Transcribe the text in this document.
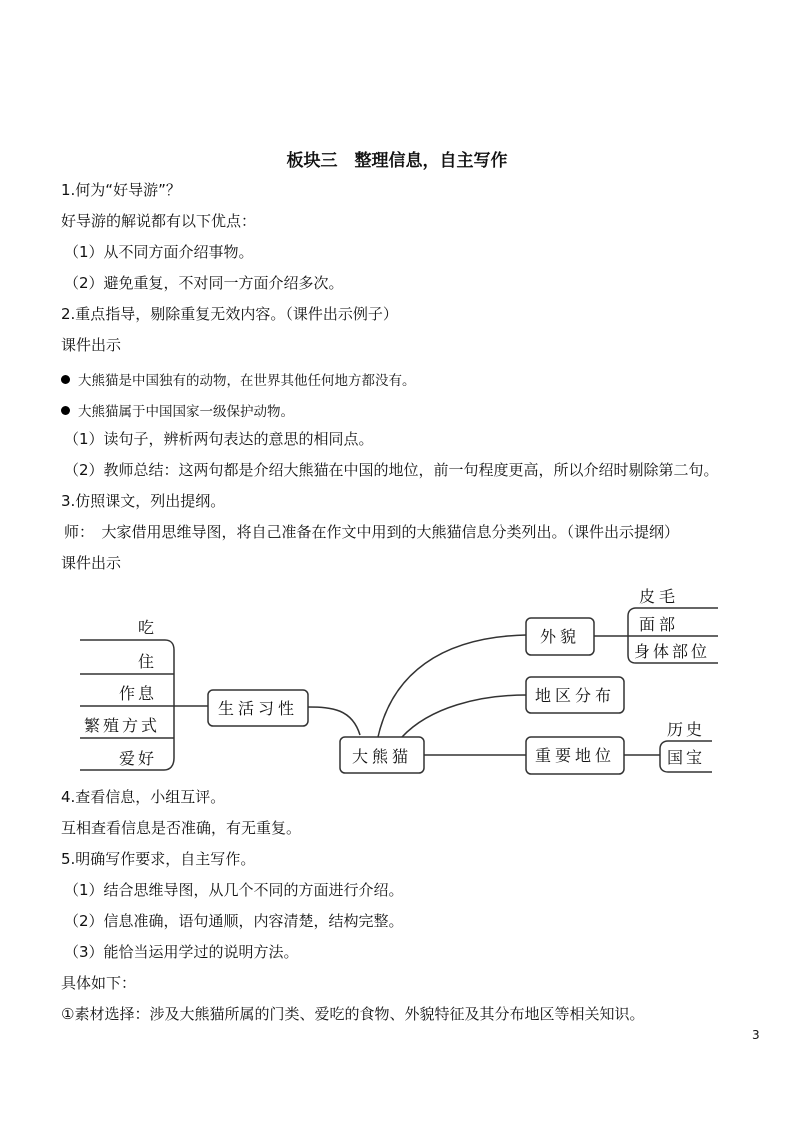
板块三　整理信息，自主写作
1.何为“好导游”？
好导游的解说都有以下优点：
（1）从不同方面介绍事物。
（2）避免重复，不对同一方面介绍多次。
2.重点指导，剔除重复无效内容。（课件出示例子）
课件出示
大熊猫是中国独有的动物，在世界其他任何地方都没有。
大熊猫属于中国国家一级保护动物。
（1）读句子，辨析两句表达的意思的相同点。
（2）教师总结：这两句都是介绍大熊猫在中国的地位，前一句程度更高，所以介绍时剔除第二句。
3.仿照课文，列出提纲。
师：　大家借用思维导图，将自己准备在作文中用到的大熊猫信息分类列出。（课件出示提纲）
课件出示
吃
住
作息
繁殖方式
爱好
生活习性
大熊猫
外貌
地区分布
重要地位
皮毛
面部
身体部位
历史
国宝
4.查看信息，小组互评。
互相查看信息是否准确，有无重复。
5.明确写作要求，自主写作。
（1）结合思维导图，从几个不同的方面进行介绍。
（2）信息准确，语句通顺，内容清楚，结构完整。
（3）能恰当运用学过的说明方法。
具体如下：
①素材选择：涉及大熊猫所属的门类、爱吃的食物、外貌特征及其分布地区等相关知识。
3
